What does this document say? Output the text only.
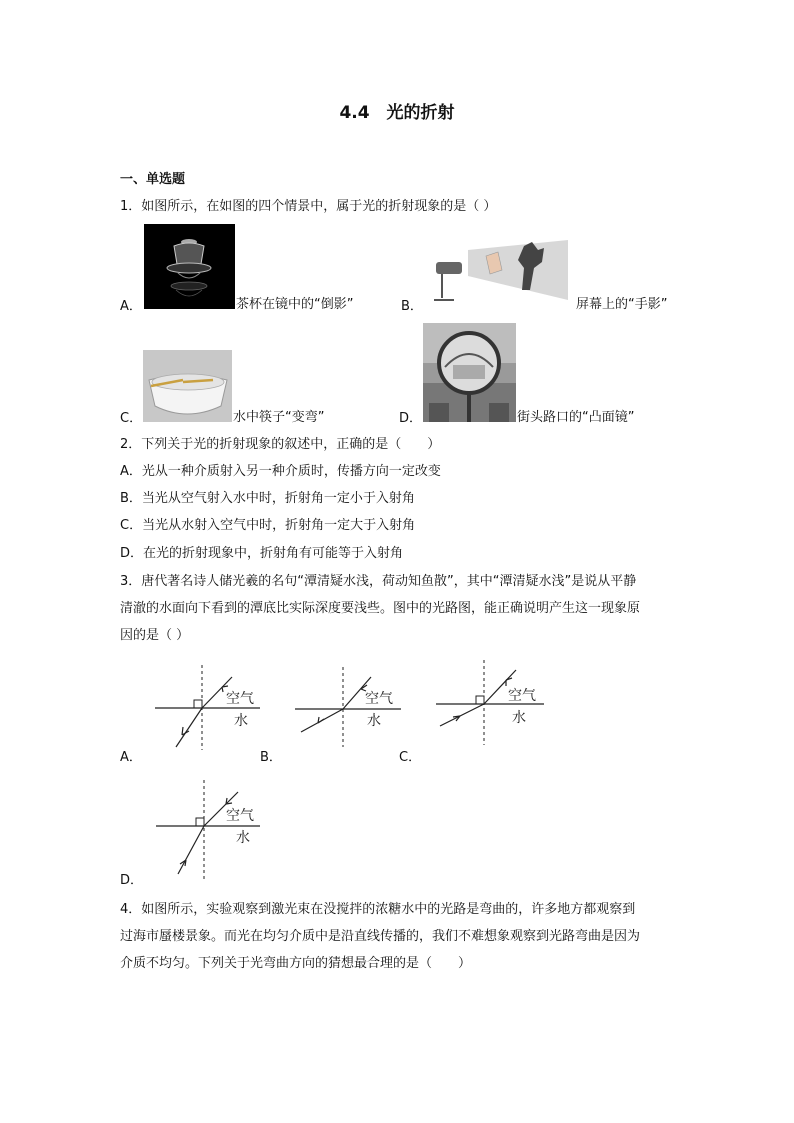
4.4　光的折射
一、单选题
1．如图所示，在如图的四个情景中，属于光的折射现象的是（ ）
A．	茶杯在镜中的“倒影”	B．	屏幕上的“手影”
C．	水中筷子“变弯”	D．	街头路口的“凸面镜”
2．下列关于光的折射现象的叙述中，正确的是（　　）
A．光从一种介质射入另一种介质时，传播方向一定改变
B．当光从空气射入水中时，折射角一定小于入射角
C．当光从水射入空气中时，折射角一定大于入射角
D．在光的折射现象中，折射角有可能等于入射角
3．唐代著名诗人储光羲的名句“潭清疑水浅，荷动知鱼散”，其中“潭清疑水浅”是说从平静
清澈的水面向下看到的潭底比实际深度要浅些。图中的光路图，能正确说明产生这一现象原
因的是（ ）
空气
水
A．
空气
水
B．
空气
水
C．
空气
水
D．
4．如图所示，实验观察到激光束在没搅拌的浓糖水中的光路是弯曲的，许多地方都观察到
过海市蜃楼景象。而光在均匀介质中是沿直线传播的，我们不难想象观察到光路弯曲是因为
介质不均匀。下列关于光弯曲方向的猜想最合理的是（　　）
